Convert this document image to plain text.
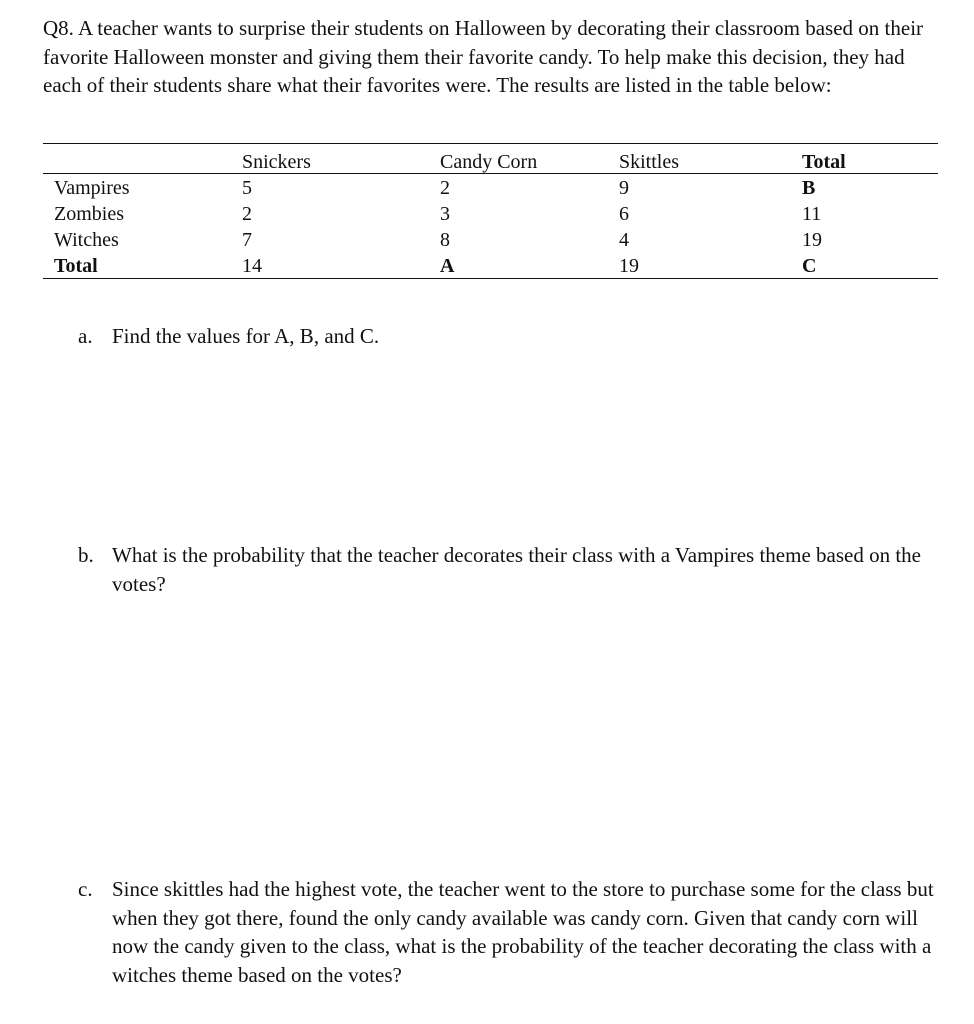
Q8. A teacher wants to surprise their students on Halloween by decorating their classroom based on their favorite Halloween monster and giving them their favorite candy. To help make this decision, they had each of their students share what their favorites were. The results are listed in the table below:

	Snickers	Candy Corn	Skittles	Total
Vampires	5	2	9	B
Zombies	2	3	6	11
Witches	7	8	4	19
Total	14	A	19	C
a. Find the values for A, B, and C.
b. What is the probability that the teacher decorates their class with a Vampires theme based on the votes?
c. Since skittles had the highest vote, the teacher went to the store to purchase some for the class but when they got there, found the only candy available was candy corn. Given that candy corn will now the candy given to the class, what is the probability of the teacher decorating the class with a witches theme based on the votes?
